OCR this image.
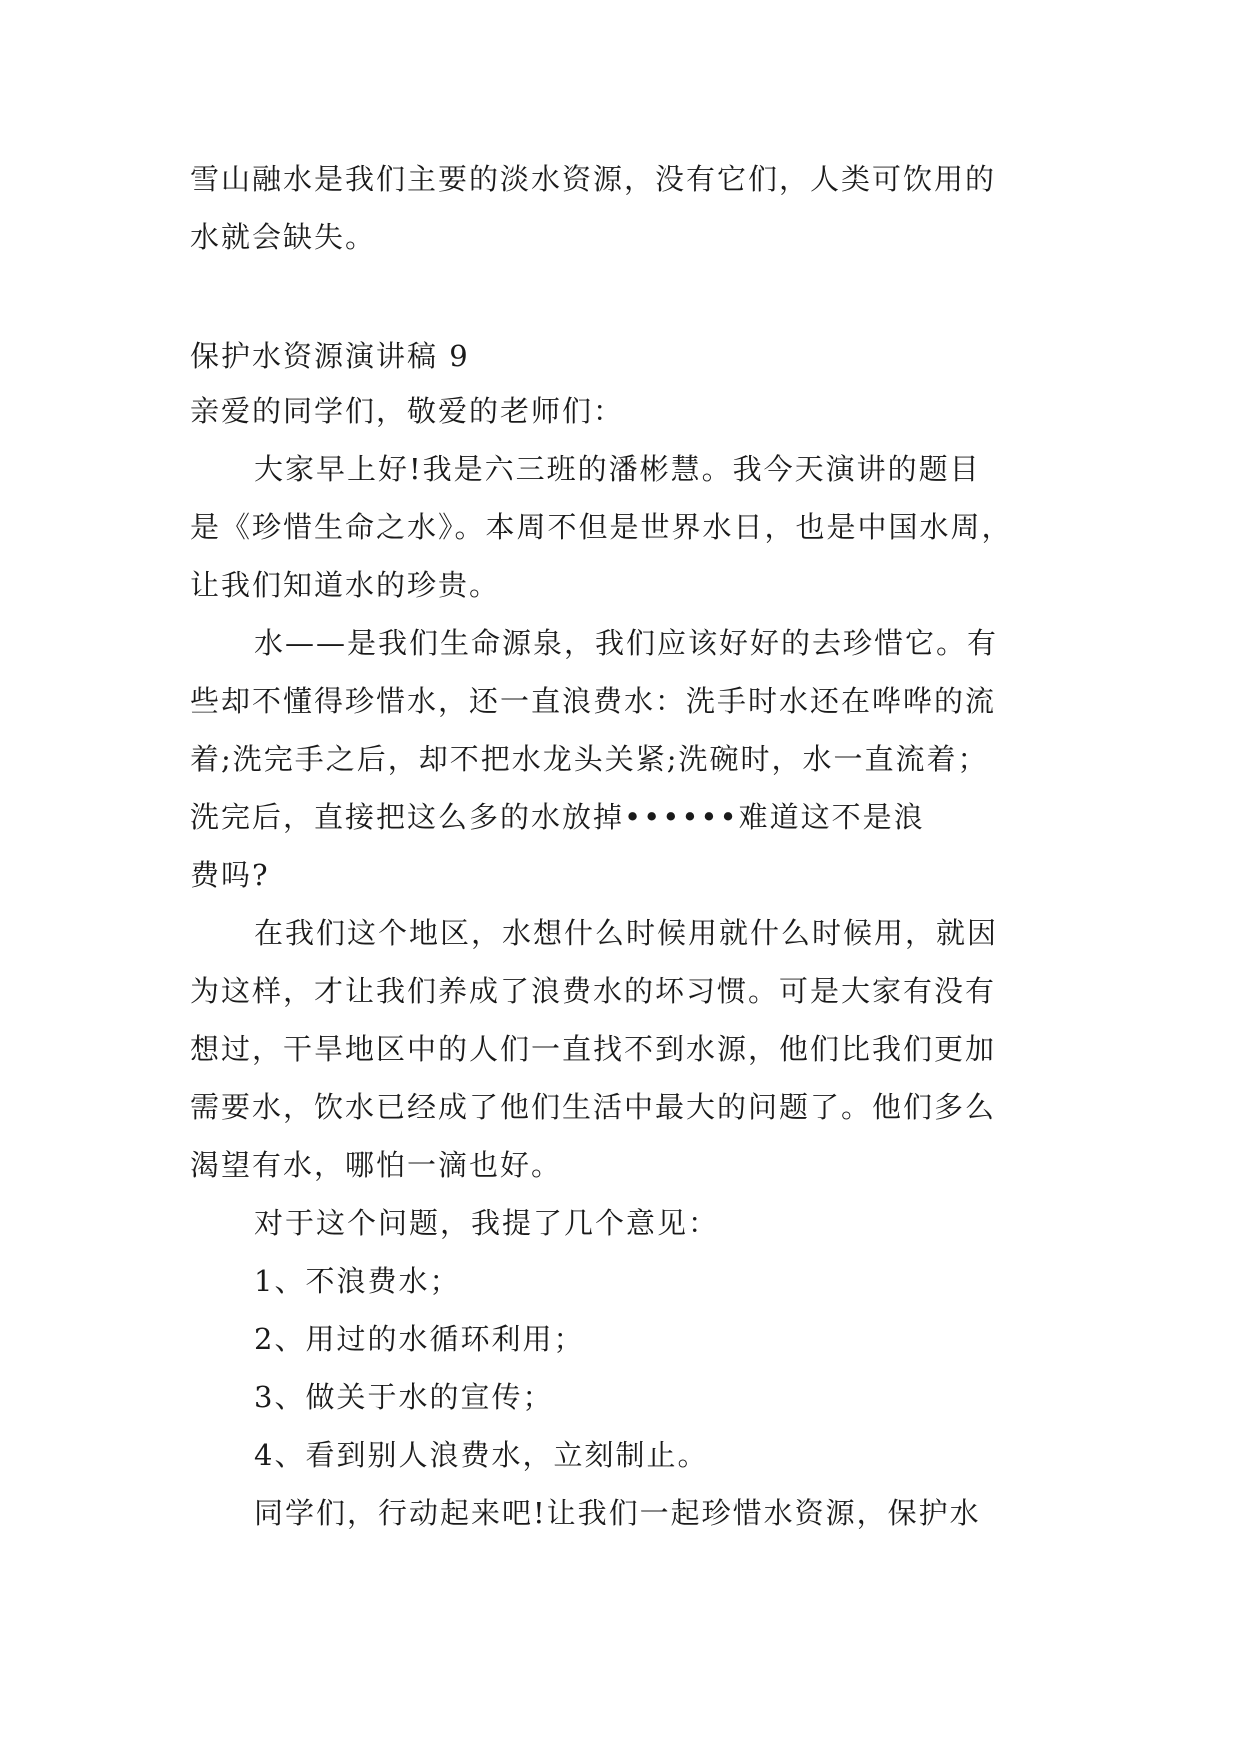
雪山融水是我们主要的淡水资源，没有它们，人类可饮用的
水就会缺失。
保护水资源演讲稿 9
亲爱的同学们，敬爱的老师们：
大家早上好!我是六三班的潘彬慧。我今天演讲的题目
是《珍惜生命之水》。本周不但是世界水日，也是中国水周，
让我们知道水的珍贵。
水——是我们生命源泉，我们应该好好的去珍惜它。有
些却不懂得珍惜水，还一直浪费水：洗手时水还在哗哗的流
着;洗完手之后，却不把水龙头关紧;洗碗时，水一直流着；
洗完后，直接把这么多的水放掉••••••难道这不是浪
费吗?
在我们这个地区，水想什么时候用就什么时候用，就因
为这样，才让我们养成了浪费水的坏习惯。可是大家有没有
想过，干旱地区中的人们一直找不到水源，他们比我们更加
需要水，饮水已经成了他们生活中最大的问题了。他们多么
渴望有水，哪怕一滴也好。
对于这个问题，我提了几个意见：
1、不浪费水；
2、用过的水循环利用；
3、做关于水的宣传；
4、看到别人浪费水，立刻制止。
同学们，行动起来吧!让我们一起珍惜水资源，保护水
